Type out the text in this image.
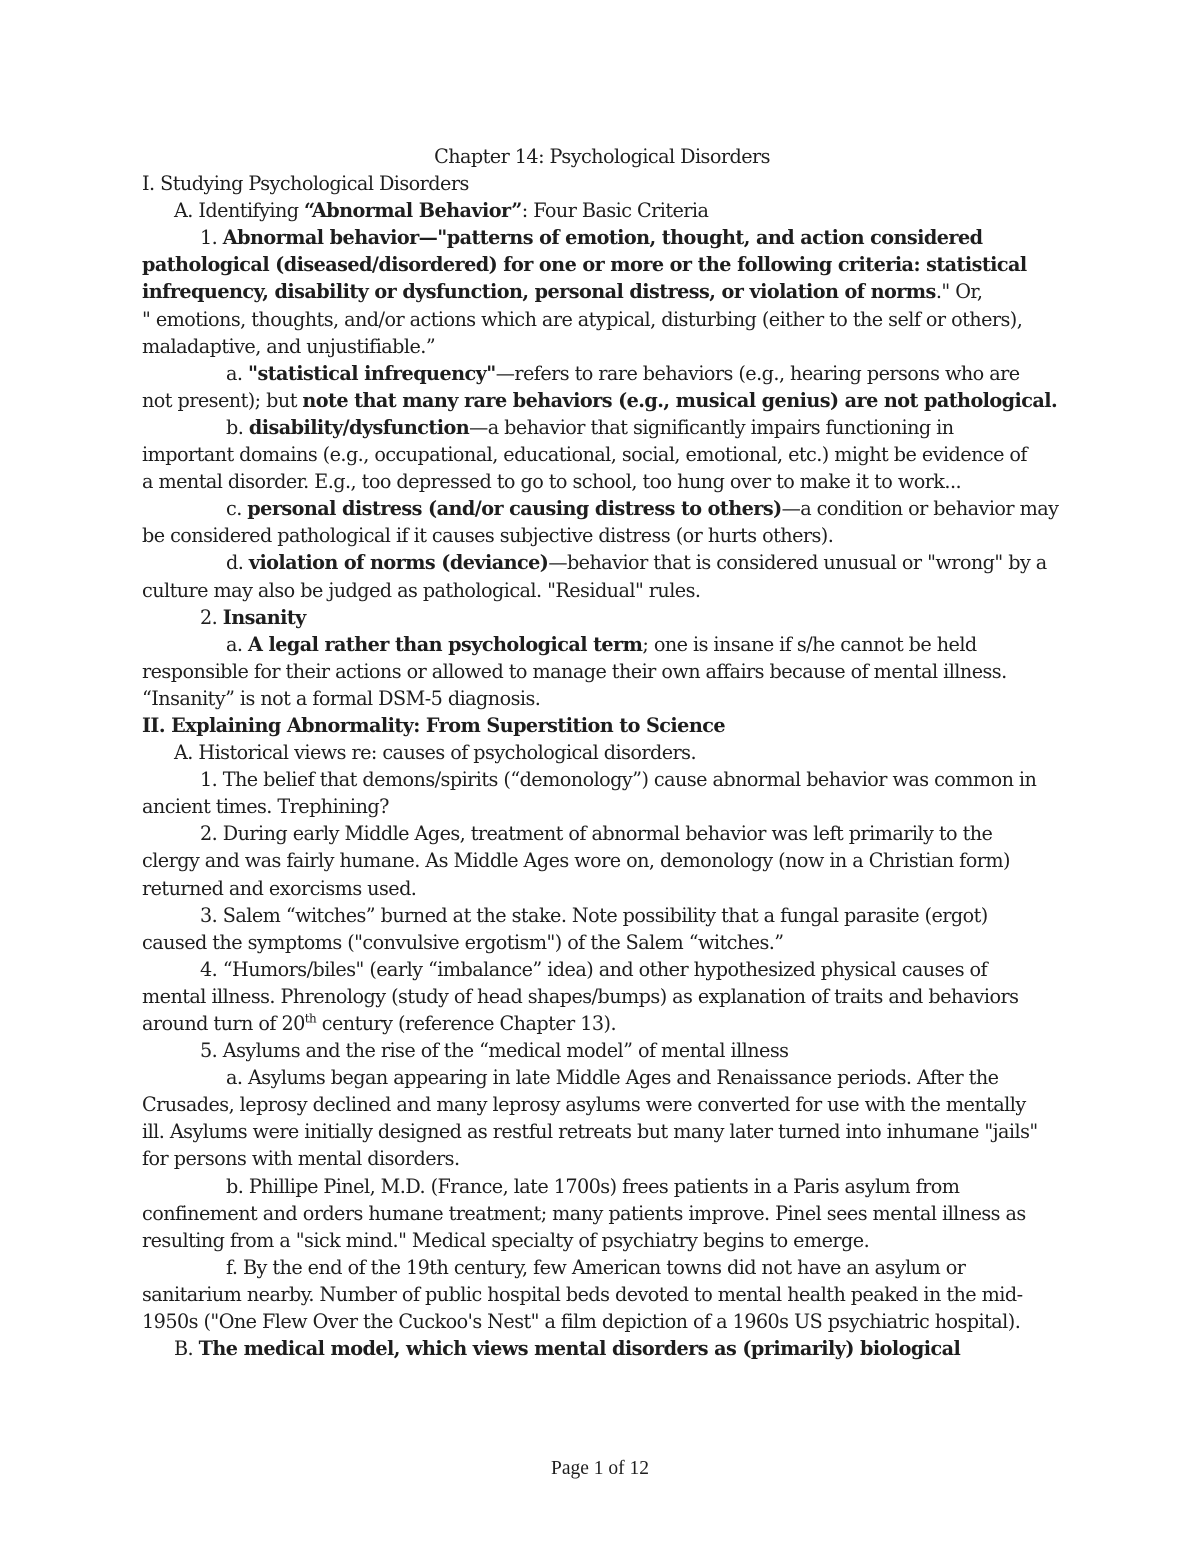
Chapter 14: Psychological Disorders
I. Studying Psychological Disorders
A. Identifying “Abnormal Behavior”: Four Basic Criteria
1. Abnormal behavior—"patterns of emotion, thought, and action considered
pathological (diseased/disordered) for one or more or the following criteria: statistical
infrequency, disability or dysfunction, personal distress, or violation of norms." Or,
" emotions, thoughts, and/or actions which are atypical, disturbing (either to the self or others),
maladaptive, and unjustifiable.”
a. "statistical infrequency"—refers to rare behaviors (e.g., hearing persons who are
not present); but note that many rare behaviors (e.g., musical genius) are not pathological.
b. disability/dysfunction—a behavior that significantly impairs functioning in
important domains (e.g., occupational, educational, social, emotional, etc.) might be evidence of
a mental disorder. E.g., too depressed to go to school, too hung over to make it to work...
c. personal distress (and/or causing distress to others)—a condition or behavior may
be considered pathological if it causes subjective distress (or hurts others).
d. violation of norms (deviance)—behavior that is considered unusual or "wrong" by a
culture may also be judged as pathological. "Residual" rules.
2. Insanity
a. A legal rather than psychological term; one is insane if s/he cannot be held
responsible for their actions or allowed to manage their own affairs because of mental illness.
“Insanity” is not a formal DSM-5 diagnosis.
II. Explaining Abnormality: From Superstition to Science
A. Historical views re: causes of psychological disorders.
1. The belief that demons/spirits (“demonology”) cause abnormal behavior was common in
ancient times. Trephining?
2. During early Middle Ages, treatment of abnormal behavior was left primarily to the
clergy and was fairly humane. As Middle Ages wore on, demonology (now in a Christian form)
returned and exorcisms used.
3. Salem “witches” burned at the stake. Note possibility that a fungal parasite (ergot)
caused the symptoms ("convulsive ergotism") of the Salem “witches.”
4. “Humors/biles" (early “imbalance” idea) and other hypothesized physical causes of
mental illness. Phrenology (study of head shapes/bumps) as explanation of traits and behaviors
around turn of 20th century (reference Chapter 13).
5. Asylums and the rise of the “medical model” of mental illness
a. Asylums began appearing in late Middle Ages and Renaissance periods. After the
Crusades, leprosy declined and many leprosy asylums were converted for use with the mentally
ill. Asylums were initially designed as restful retreats but many later turned into inhumane "jails"
for persons with mental disorders.
b. Phillipe Pinel, M.D. (France, late 1700s) frees patients in a Paris asylum from
confinement and orders humane treatment; many patients improve. Pinel sees mental illness as
resulting from a "sick mind." Medical specialty of psychiatry begins to emerge.
f. By the end of the 19th century, few American towns did not have an asylum or
sanitarium nearby. Number of public hospital beds devoted to mental health peaked in the mid-
1950s ("One Flew Over the Cuckoo's Nest" a film depiction of a 1960s US psychiatric hospital).
B. The medical model, which views mental disorders as (primarily) biological
Page 1 of 12
